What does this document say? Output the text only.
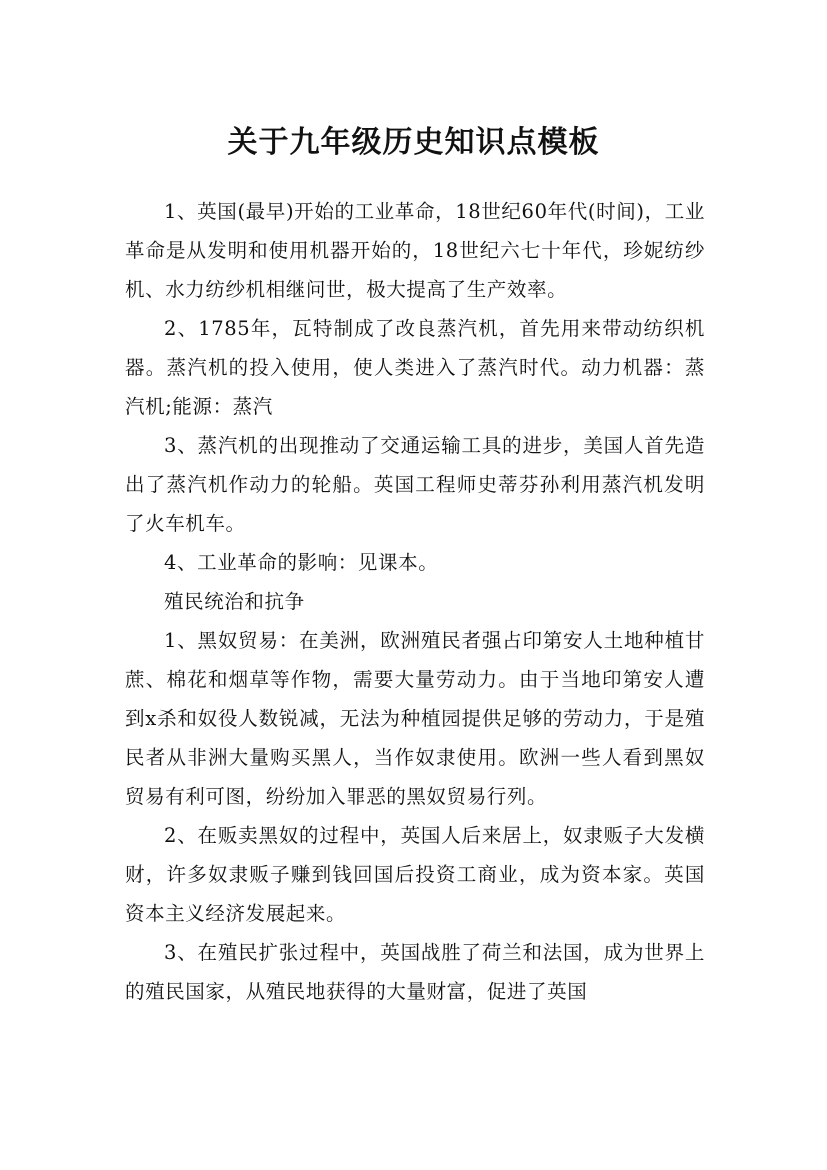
关于九年级历史知识点模板

1、英国(最早)开始的工业革命，18世纪60年代(时间)，工业革命是从发明和使用机器开始的，18世纪六七十年代，珍妮纺纱机、水力纺纱机相继问世，极大提高了生产效率。

2、1785年，瓦特制成了改良蒸汽机，首先用来带动纺织机器。蒸汽机的投入使用，使人类进入了蒸汽时代。动力机器：蒸汽机;能源：蒸汽

3、蒸汽机的出现推动了交通运输工具的进步，美国人首先造出了蒸汽机作动力的轮船。英国工程师史蒂芬孙利用蒸汽机发明了火车机车。

4、工业革命的影响：见课本。

殖民统治和抗争

1、黑奴贸易：在美洲，欧洲殖民者强占印第安人土地种植甘蔗、棉花和烟草等作物，需要大量劳动力。由于当地印第安人遭到x杀和奴役人数锐减，无法为种植园提供足够的劳动力，于是殖民者从非洲大量购买黑人，当作奴隶使用。欧洲一些人看到黑奴贸易有利可图，纷纷加入罪恶的黑奴贸易行列。

2、在贩卖黑奴的过程中，英国人后来居上，奴隶贩子大发横财，许多奴隶贩子赚到钱回国后投资工商业，成为资本家。英国资本主义经济发展起来。

3、在殖民扩张过程中，英国战胜了荷兰和法国，成为世界上的殖民国家，从殖民地获得的大量财富，促进了英国
